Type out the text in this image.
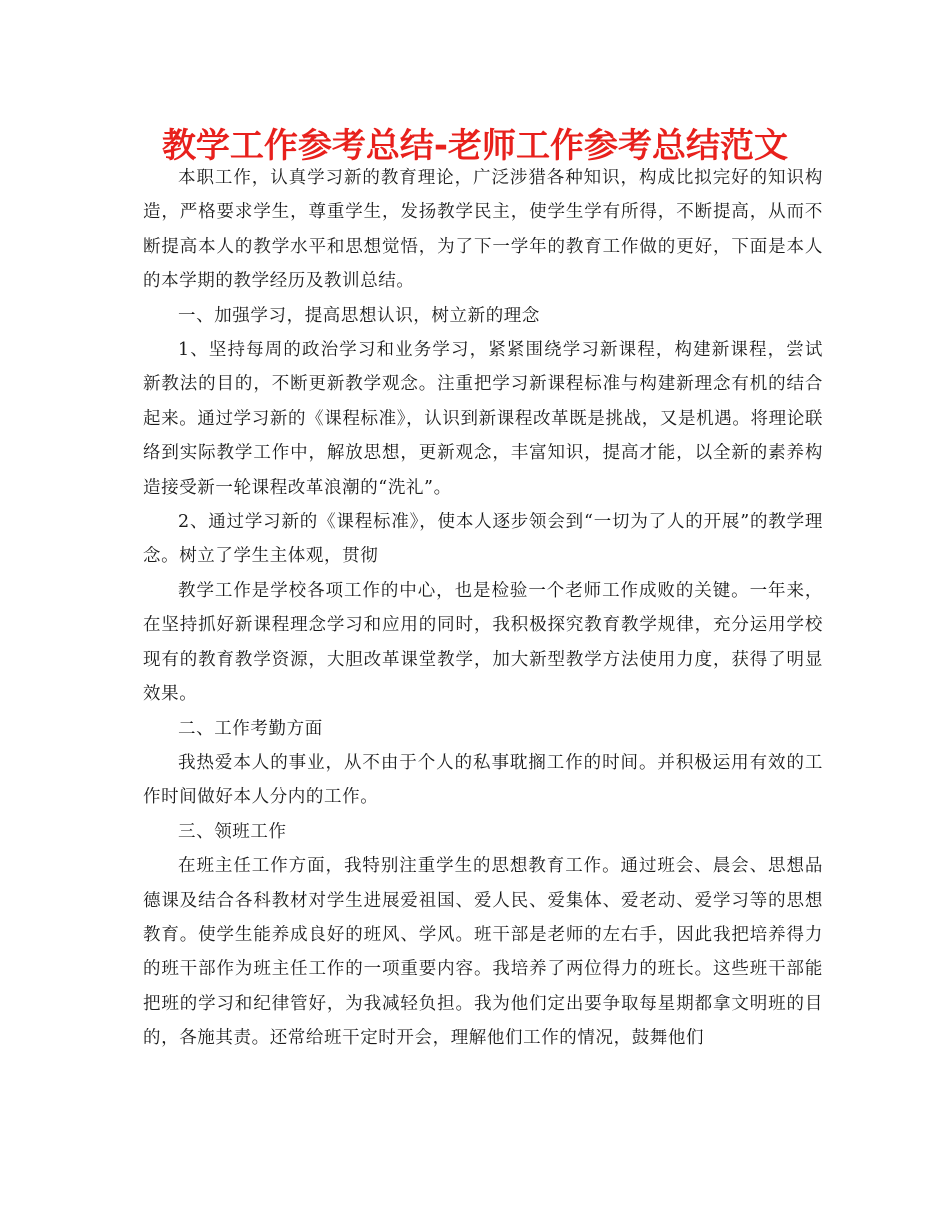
教学工作参考总结-老师工作参考总结范文

本职工作，认真学习新的教育理论，广泛涉猎各种知识，构成比拟完好的知识构造，严格要求学生，尊重学生，发扬教学民主，使学生学有所得，不断提高，从而不断提高本人的教学水平和思想觉悟，为了下一学年的教育工作做的更好，下面是本人的本学期的教学经历及教训总结。

一、加强学习，提高思想认识，树立新的理念

1、坚持每周的政治学习和业务学习，紧紧围绕学习新课程，构建新课程，尝试新教法的目的，不断更新教学观念。注重把学习新课程标准与构建新理念有机的结合起来。通过学习新的《课程标准》，认识到新课程改革既是挑战，又是机遇。将理论联络到实际教学工作中，解放思想，更新观念，丰富知识，提高才能，以全新的素养构造接受新一轮课程改革浪潮的“洗礼”。

2、通过学习新的《课程标准》，使本人逐步领会到“一切为了人的开展”的教学理念。树立了学生主体观，贯彻

教学工作是学校各项工作的中心，也是检验一个老师工作成败的关键。一年来，在坚持抓好新课程理念学习和应用的同时，我积极探究教育教学规律，充分运用学校现有的教育教学资源，大胆改革课堂教学，加大新型教学方法使用力度，获得了明显效果。

二、工作考勤方面

我热爱本人的事业，从不由于个人的私事耽搁工作的时间。并积极运用有效的工作时间做好本人分内的工作。

三、领班工作

在班主任工作方面，我特别注重学生的思想教育工作。通过班会、晨会、思想品德课及结合各科教材对学生进展爱祖国、爱人民、爱集体、爱老动、爱学习等的思想教育。使学生能养成良好的班风、学风。班干部是老师的左右手，因此我把培养得力的班干部作为班主任工作的一项重要内容。我培养了两位得力的班长。这些班干部能把班的学习和纪律管好，为我减轻负担。我为他们定出要争取每星期都拿文明班的目的，各施其责。还常给班干定时开会，理解他们工作的情况，鼓舞他们
